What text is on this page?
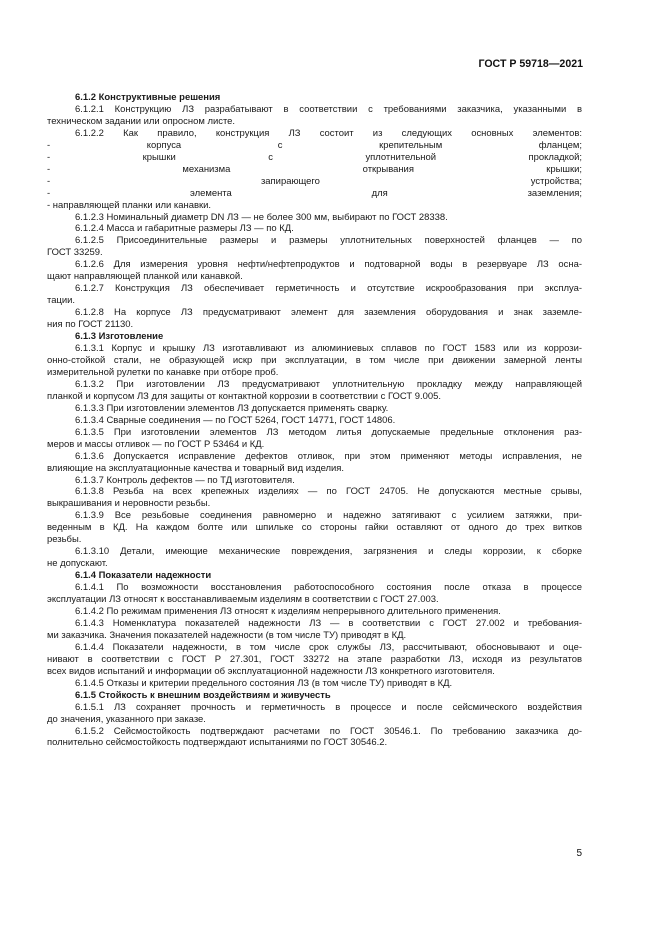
ГОСТ Р 59718—2021
6.1.2 Конструктивные решения
6.1.2.1 Конструкцию ЛЗ разрабатывают в соответствии с требованиями заказчика, указанными в
техническом задании или опросном листе.
6.1.2.2 Как правило, конструкция ЛЗ состоит из следующих основных элементов:
- корпуса с крепительным фланцем;
- крышки с уплотнительной прокладкой;
- механизма открывания крышки;
- запирающего устройства;
- элемента для заземления;
- направляющей планки или канавки.
6.1.2.3 Номинальный диаметр DN ЛЗ — не более 300 мм, выбирают по ГОСТ 28338.
6.1.2.4 Масса и габаритные размеры ЛЗ — по КД.
6.1.2.5 Присоединительные размеры и размеры уплотнительных поверхностей фланцев — по
ГОСТ 33259.
6.1.2.6 Для измерения уровня нефти/нефтепродуктов и подтоварной воды в резервуаре ЛЗ осна-
щают направляющей планкой или канавкой.
6.1.2.7 Конструкция ЛЗ обеспечивает герметичность и отсутствие искрообразования при эксплуа-
тации.
6.1.2.8 На корпусе ЛЗ предусматривают элемент для заземления оборудования и знак заземле-
ния по ГОСТ 21130.
6.1.3 Изготовление
6.1.3.1 Корпус и крышку ЛЗ изготавливают из алюминиевых сплавов по ГОСТ 1583 или из коррози-
онно-стойкой стали, не образующей искр при эксплуатации, в том числе при движении замерной ленты
измерительной рулетки по канавке при отборе проб.
6.1.3.2 При изготовлении ЛЗ предусматривают уплотнительную прокладку между направляющей
планкой и корпусом ЛЗ для защиты от контактной коррозии в соответствии с ГОСТ 9.005.
6.1.3.3 При изготовлении элементов ЛЗ допускается применять сварку.
6.1.3.4 Сварные соединения — по ГОСТ 5264, ГОСТ 14771, ГОСТ 14806.
6.1.3.5 При изготовлении элементов ЛЗ методом литья допускаемые предельные отклонения раз-
меров и массы отливок — по ГОСТ Р 53464 и КД.
6.1.3.6 Допускается исправление дефектов отливок, при этом применяют методы исправления, не
влияющие на эксплуатационные качества и товарный вид изделия.
6.1.3.7 Контроль дефектов — по ТД изготовителя.
6.1.3.8 Резьба на всех крепежных изделиях — по ГОСТ 24705. Не допускаются местные срывы,
выкрашивания и неровности резьбы.
6.1.3.9 Все резьбовые соединения равномерно и надежно затягивают с усилием затяжки, при-
веденным в КД. На каждом болте или шпильке со стороны гайки оставляют от одного до трех витков
резьбы.
6.1.3.10 Детали, имеющие механические повреждения, загрязнения и следы коррозии, к сборке
не допускают.
6.1.4 Показатели надежности
6.1.4.1 По возможности восстановления работоспособного состояния после отказа в процессе
эксплуатации ЛЗ относят к восстанавливаемым изделиям в соответствии с ГОСТ 27.003.
6.1.4.2 По режимам применения ЛЗ относят к изделиям непрерывного длительного применения.
6.1.4.3 Номенклатура показателей надежности ЛЗ — в соответствии с ГОСТ 27.002 и требования-
ми заказчика. Значения показателей надежности (в том числе ТУ) приводят в КД.
6.1.4.4 Показатели надежности, в том числе срок службы ЛЗ, рассчитывают, обосновывают и оце-
нивают в соответствии с ГОСТ Р 27.301, ГОСТ 33272 на этапе разработки ЛЗ, исходя из результатов
всех видов испытаний и информации об эксплуатационной надежности ЛЗ конкретного изготовителя.
6.1.4.5 Отказы и критерии предельного состояния ЛЗ (в том числе ТУ) приводят в КД.
6.1.5 Стойкость к внешним воздействиям и живучесть
6.1.5.1 ЛЗ сохраняет прочность и герметичность в процессе и после сейсмического воздействия
до значения, указанного при заказе.
6.1.5.2 Сейсмостойкость подтверждают расчетами по ГОСТ 30546.1. По требованию заказчика до-
полнительно сейсмостойкость подтверждают испытаниями по ГОСТ 30546.2.
5
